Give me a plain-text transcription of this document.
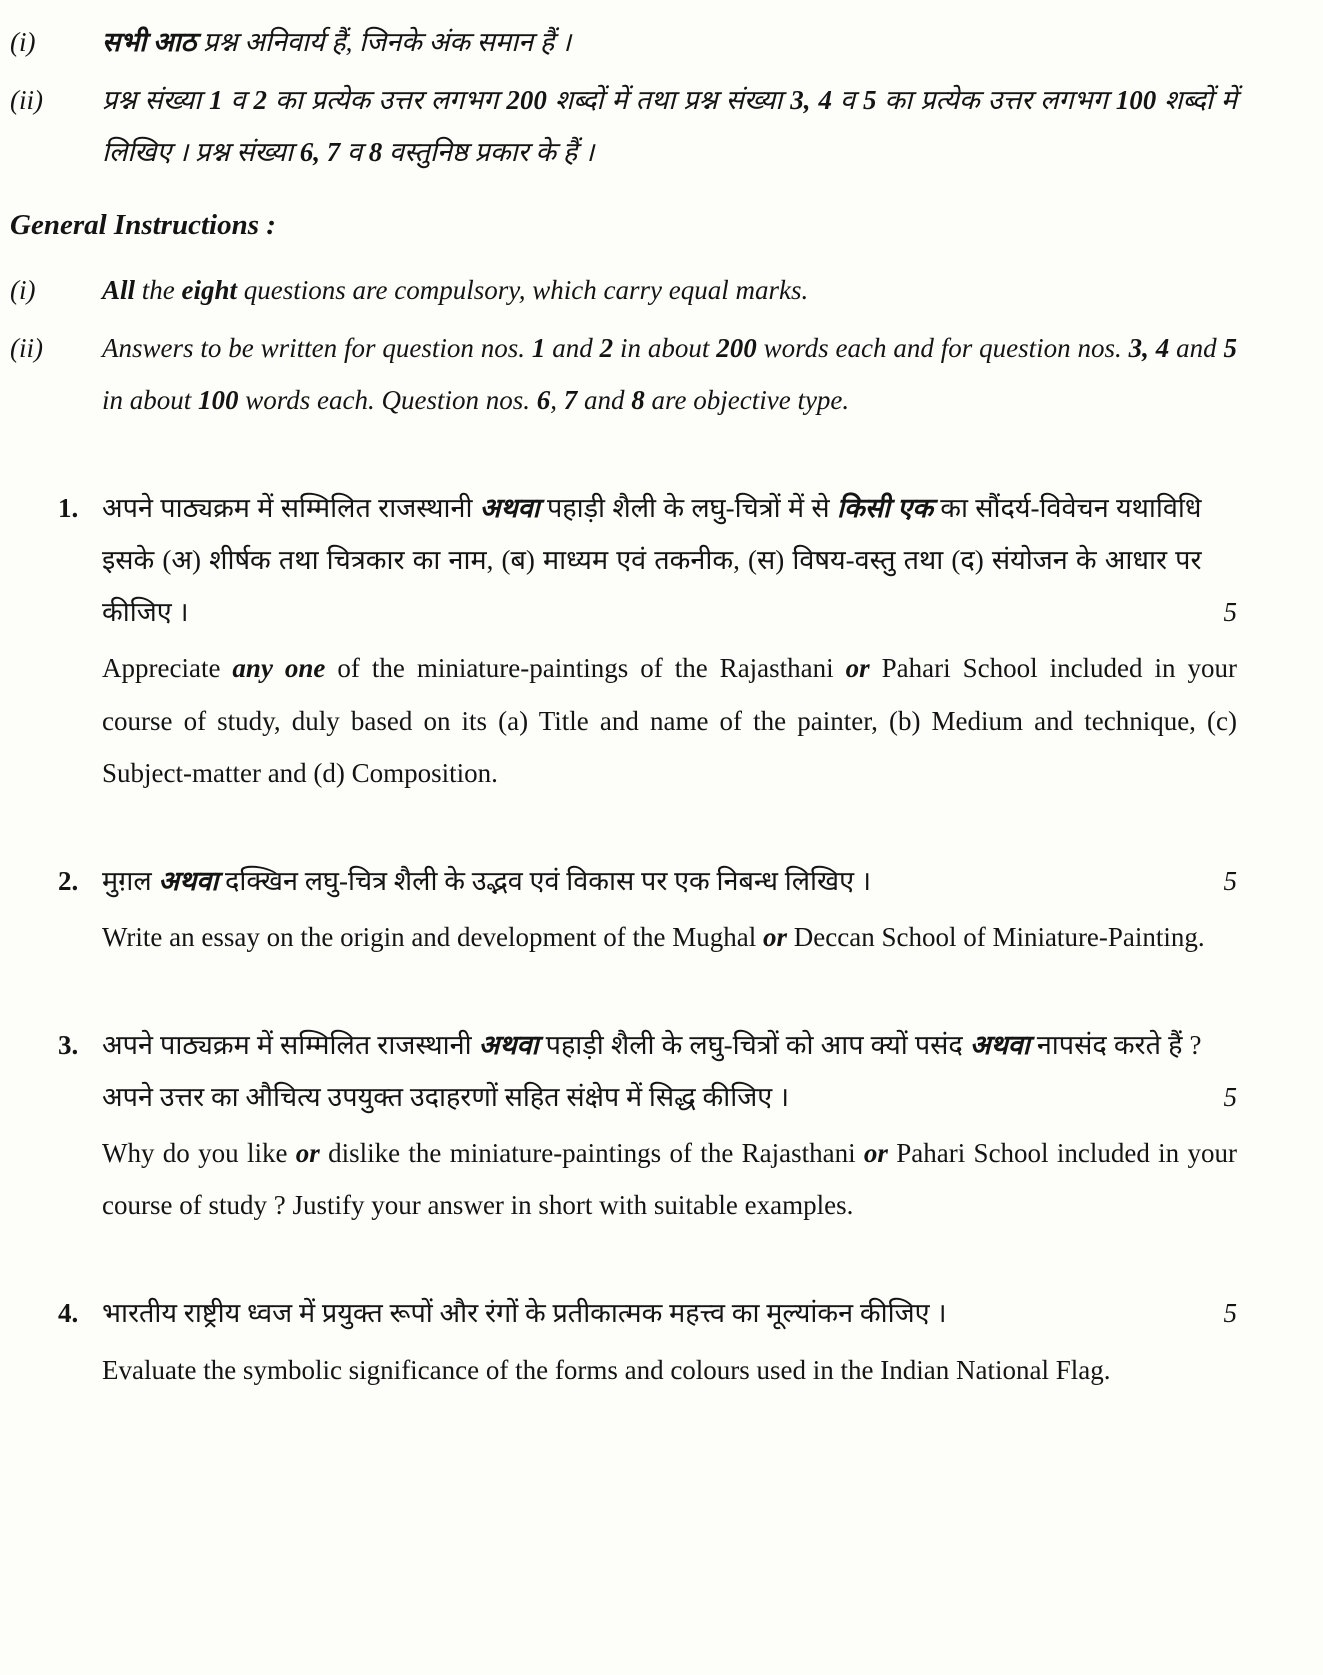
(i)	सभी आठ प्रश्न अनिवार्य हैं, जिनके अंक समान हैं ।
(ii)	प्रश्न संख्या 1 व 2 का प्रत्येक उत्तर लगभग 200 शब्दों में तथा प्रश्न संख्या 3, 4 व 5 का प्रत्येक उत्तर लगभग 100 शब्दों में लिखिए । प्रश्न संख्या 6, 7 व 8 वस्तुनिष्ठ प्रकार के हैं ।
General Instructions :
(i)	All the eight questions are compulsory, which carry equal marks.
(ii)	Answers to be written for question nos. 1 and 2 in about 200 words each and for question nos. 3, 4 and 5 in about 100 words each. Question nos. 6, 7 and 8 are objective type.
1. अपने पाठ्यक्रम में सम्मिलित राजस्थानी अथवा पहाड़ी शैली के लघु-चित्रों में से किसी एक का सौंदर्य-विवेचन यथाविधि इसके (अ) शीर्षक तथा चित्रकार का नाम, (ब) माध्यम एवं तकनीक, (स) विषय-वस्तु तथा (द) संयोजन के आधार पर कीजिए ।	5

Appreciate any one of the miniature-paintings of the Rajasthani or Pahari School included in your course of study, duly based on its (a) Title and name of the painter, (b) Medium and technique, (c) Subject-matter and (d) Composition.

2. मुग़ल अथवा दक्खिन लघु-चित्र शैली के उद्भव एवं विकास पर एक निबन्ध लिखिए ।	5

Write an essay on the origin and development of the Mughal or Deccan School of Miniature-Painting.

3. अपने पाठ्यक्रम में सम्मिलित राजस्थानी अथवा पहाड़ी शैली के लघु-चित्रों को आप क्यों पसंद अथवा नापसंद करते हैं ? अपने उत्तर का औचित्य उपयुक्त उदाहरणों सहित संक्षेप में सिद्ध कीजिए ।	5

Why do you like or dislike the miniature-paintings of the Rajasthani or Pahari School included in your course of study ? Justify your answer in short with suitable examples.

4. भारतीय राष्ट्रीय ध्वज में प्रयुक्त रूपों और रंगों के प्रतीकात्मक महत्त्व का मूल्यांकन कीजिए ।	5

Evaluate the symbolic significance of the forms and colours used in the Indian National Flag.
